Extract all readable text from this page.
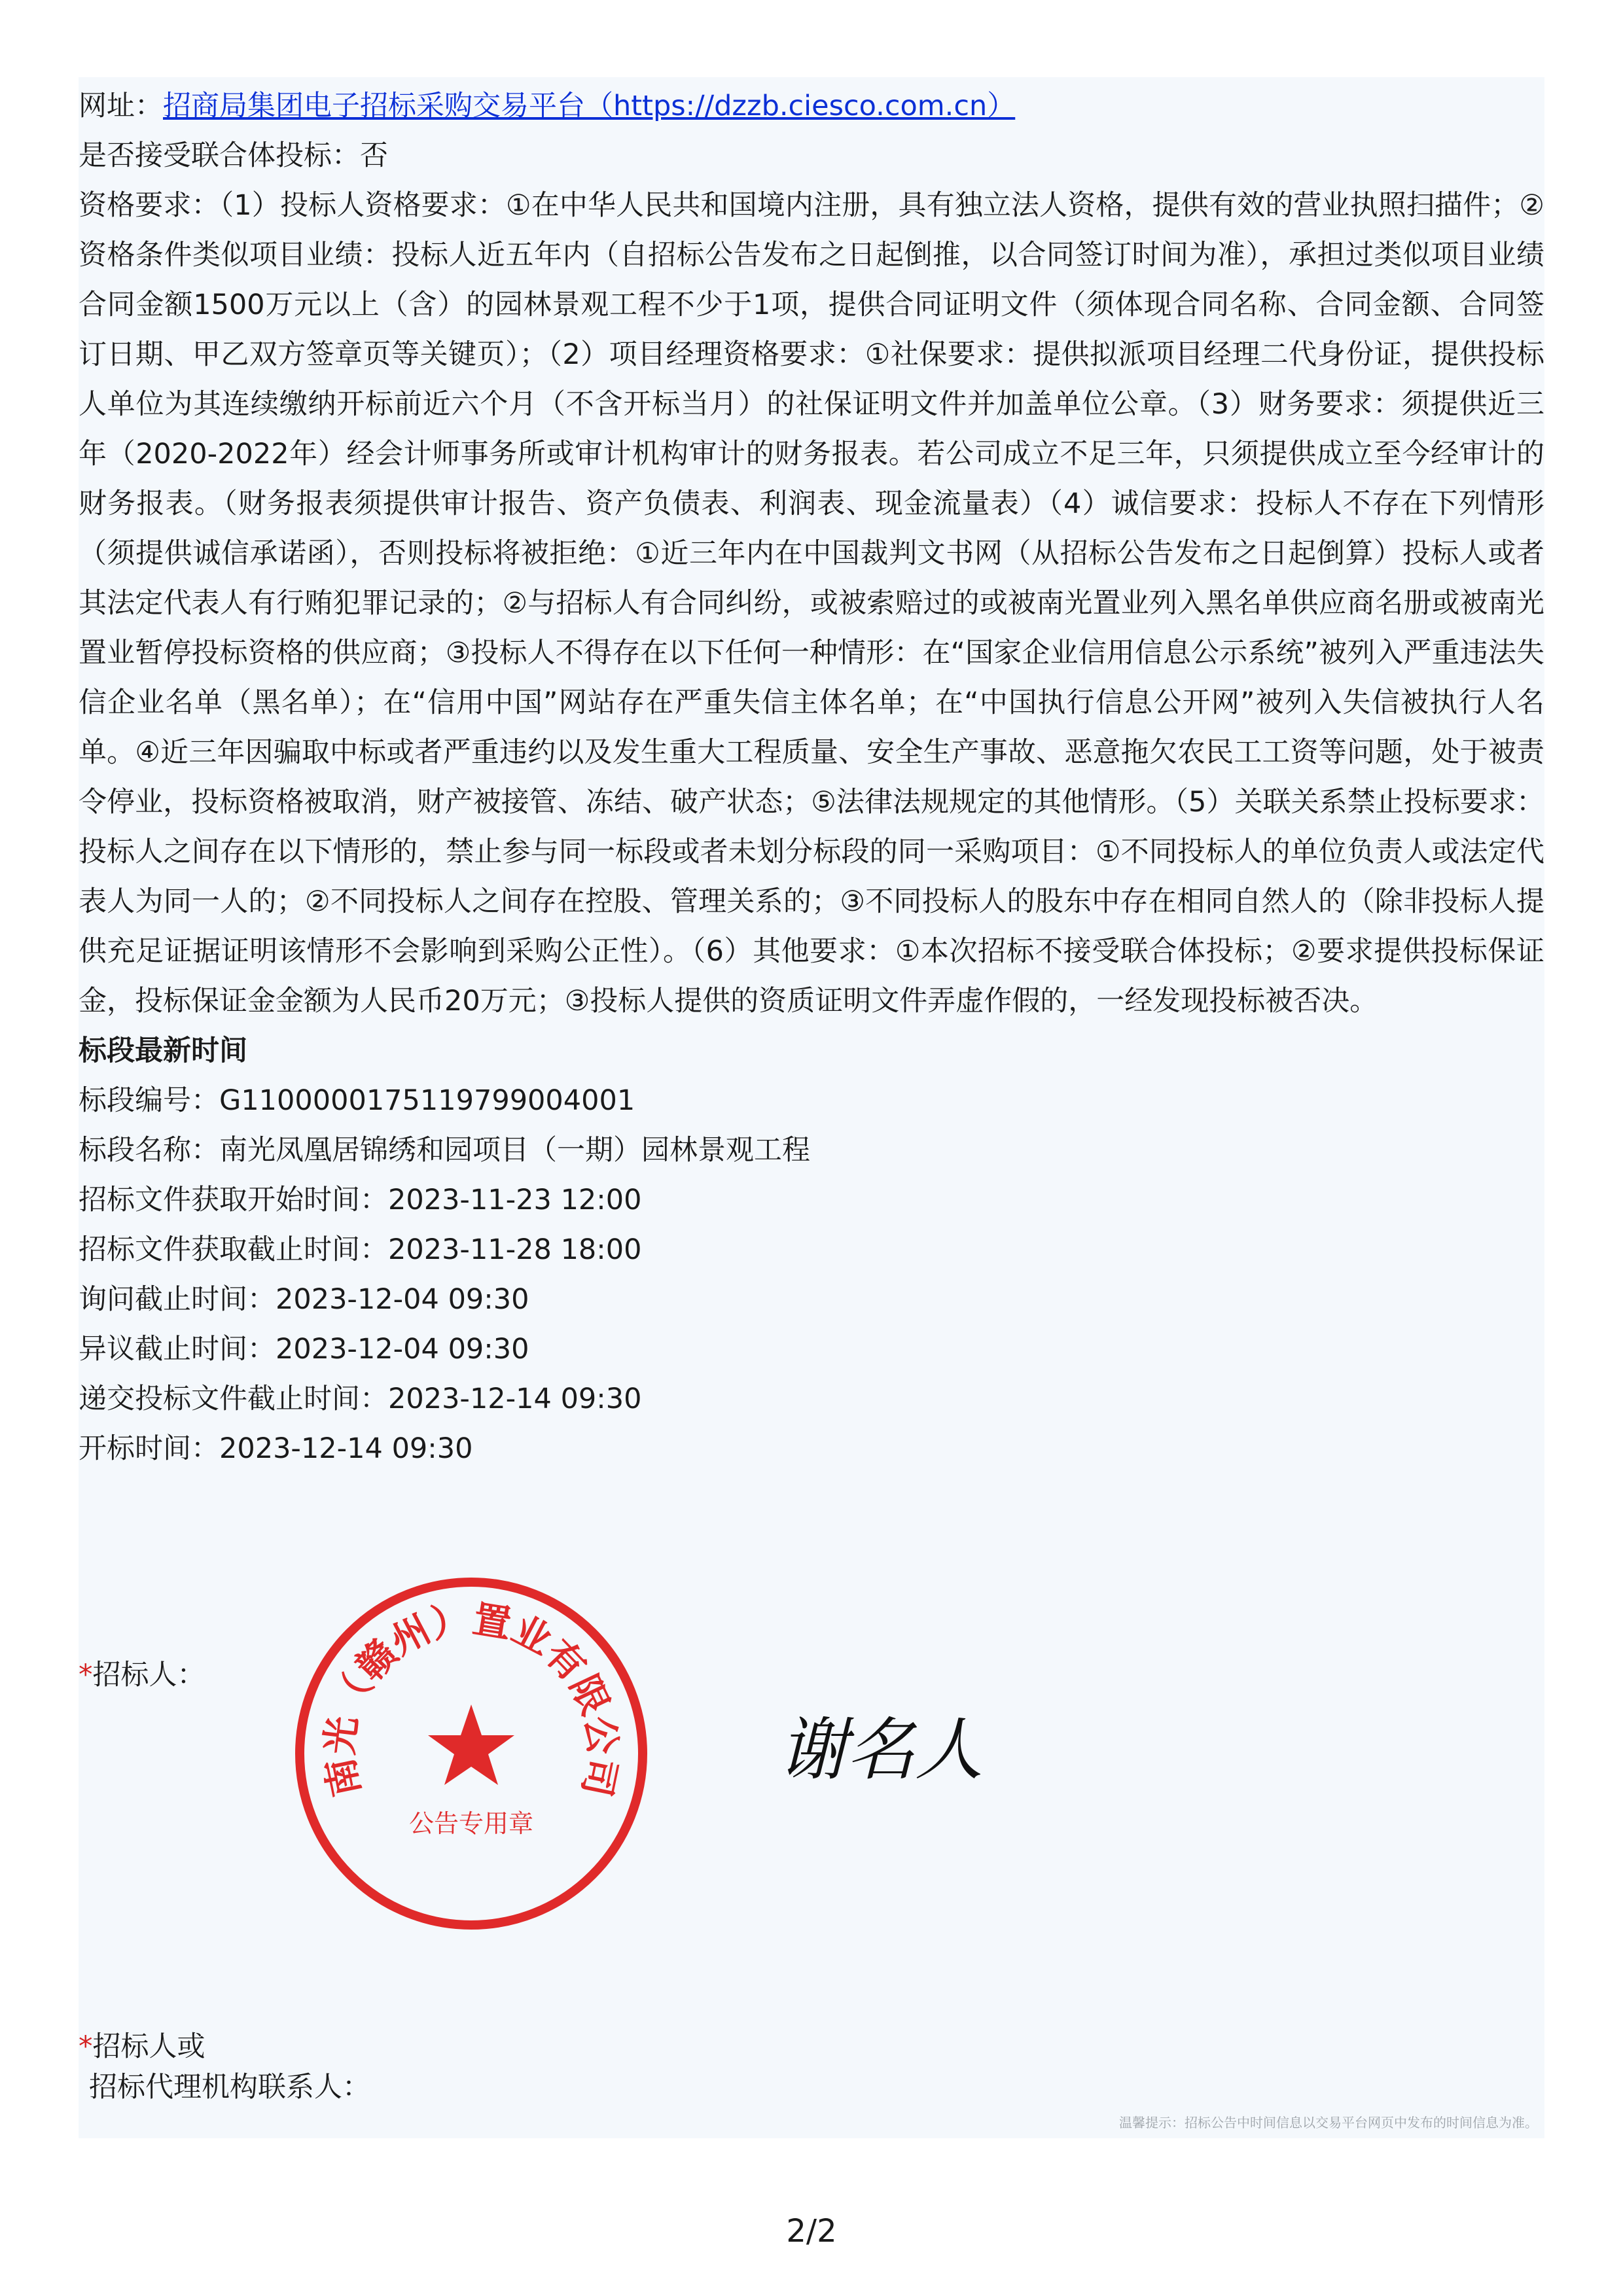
网址：招商局集团电子招标采购交易平台（https://dzzb.ciesco.com.cn）
是否接受联合体投标：否
资格要求：（1）投标人资格要求：①在中华人民共和国境内注册，具有独立法人资格，提供有效的营业执照扫描件；②资格条件类似项目业绩：投标人近五年内（自招标公告发布之日起倒推，以合同签订时间为准），承担过类似项目业绩合同金额1500万元以上（含）的园林景观工程不少于1项，提供合同证明文件（须体现合同名称、合同金额、合同签订日期、甲乙双方签章页等关键页）；（2）项目经理资格要求：①社保要求：提供拟派项目经理二代身份证，提供投标人单位为其连续缴纳开标前近六个月（不含开标当月）的社保证明文件并加盖单位公章。（3）财务要求：须提供近三年（2020-2022年）经会计师事务所或审计机构审计的财务报表。若公司成立不足三年，只须提供成立至今经审计的财务报表。（财务报表须提供审计报告、资产负债表、利润表、现金流量表）（4）诚信要求：投标人不存在下列情形（须提供诚信承诺函），否则投标将被拒绝：①近三年内在中国裁判文书网（从招标公告发布之日起倒算）投标人或者其法定代表人有行贿犯罪记录的；②与招标人有合同纠纷，或被索赔过的或被南光置业列入黑名单供应商名册或被南光置业暂停投标资格的供应商；③投标人不得存在以下任何一种情形：在“国家企业信用信息公示系统”被列入严重违法失信企业名单（黑名单）；在“信用中国”网站存在严重失信主体名单；在“中国执行信息公开网”被列入失信被执行人名单。④近三年因骗取中标或者严重违约以及发生重大工程质量、安全生产事故、恶意拖欠农民工工资等问题，处于被责令停业，投标资格被取消，财产被接管、冻结、破产状态；⑤法律法规规定的其他情形。（5）关联关系禁止投标要求：投标人之间存在以下情形的，禁止参与同一标段或者未划分标段的同一采购项目：①不同投标人的单位负责人或法定代表人为同一人的；②不同投标人之间存在控股、管理关系的；③不同投标人的股东中存在相同自然人的（除非投标人提供充足证据证明该情形不会影响到采购公正性）。（6）其他要求：①本次招标不接受联合体投标；②要求提供投标保证金，投标保证金金额为人民币20万元；③投标人提供的资质证明文件弄虚作假的，一经发现投标被否决。
标段最新时间
标段编号：G1100000175119799004001
标段名称：南光凤凰居锦绣和园项目（一期）园林景观工程
招标文件获取开始时间：2023-11-23 12:00
招标文件获取截止时间：2023-11-28 18:00
询问截止时间：2023-12-04 09:30
异议截止时间：2023-12-04 09:30
递交投标文件截止时间：2023-12-14 09:30
开标时间：2023-12-14 09:30
*招标人：
南光（赣州）置业有限公司
公告专用章
谢名人
*招标人或
招标代理机构联系人：
温馨提示：招标公告中时间信息以交易平台网页中发布的时间信息为准。
2/2
